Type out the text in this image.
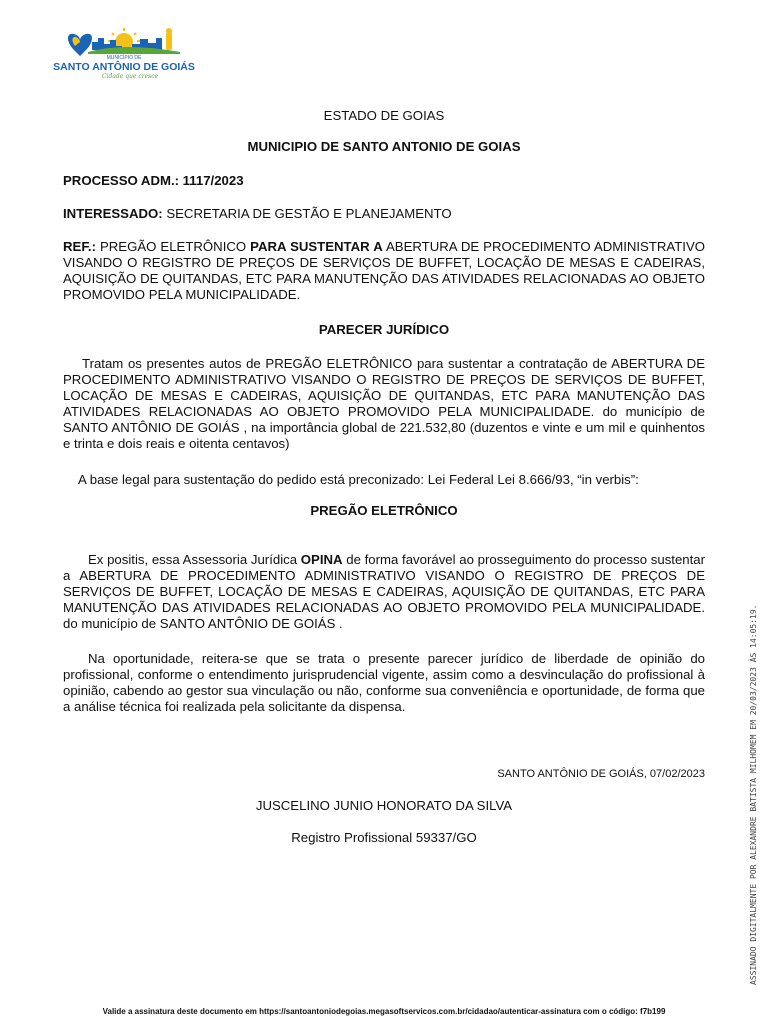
MUNICÍPIO DE
SANTO ANTÔNIO DE GOIÁS
Cidade que cresce
ESTADO DE GOIAS
MUNICIPIO DE SANTO ANTONIO DE GOIAS
PROCESSO ADM.: 1117/2023
INTERESSADO: SECRETARIA DE GESTÃO E PLANEJAMENTO
REF.: PREGÃO ELETRÔNICO PARA SUSTENTAR A ABERTURA DE PROCEDIMENTO ADMINISTRATIVO VISANDO O REGISTRO DE PREÇOS DE SERVIÇOS DE BUFFET, LOCAÇÃO DE MESAS E CADEIRAS, AQUISIÇÃO DE QUITANDAS, ETC PARA MANUTENÇÃO DAS ATIVIDADES RELACIONADAS AO OBJETO PROMOVIDO PELA MUNICIPALIDADE.
PARECER JURÍDICO
Tratam os presentes autos de PREGÃO ELETRÔNICO para sustentar a contratação de ABERTURA DE PROCEDIMENTO ADMINISTRATIVO VISANDO O REGISTRO DE PREÇOS DE SERVIÇOS DE BUFFET, LOCAÇÃO DE MESAS E CADEIRAS, AQUISIÇÃO DE QUITANDAS, ETC PARA MANUTENÇÃO DAS ATIVIDADES RELACIONADAS AO OBJETO PROMOVIDO PELA MUNICIPALIDADE. do município de SANTO ANTÔNIO DE GOIÁS , na importância global de 221.532,80 (duzentos e vinte e um mil e quinhentos e trinta e dois reais e oitenta centavos)
A base legal para sustentação do pedido está preconizado: Lei Federal Lei 8.666/93, “in verbis”:
PREGÃO ELETRÔNICO
Ex positis, essa Assessoria Jurídica OPINA de forma favorável ao prosseguimento do processo sustentar a ABERTURA DE PROCEDIMENTO ADMINISTRATIVO VISANDO O REGISTRO DE PREÇOS DE SERVIÇOS DE BUFFET, LOCAÇÃO DE MESAS E CADEIRAS, AQUISIÇÃO DE QUITANDAS, ETC PARA MANUTENÇÃO DAS ATIVIDADES RELACIONADAS AO OBJETO PROMOVIDO PELA MUNICIPALIDADE. do município de SANTO ANTÔNIO DE GOIÁS .
Na oportunidade, reitera-se que se trata o presente parecer jurídico de liberdade de opinião do profissional, conforme o entendimento jurisprudencial vigente, assim como a desvinculação do profissional à opinião, cabendo ao gestor sua vinculação ou não, conforme sua conveniência e oportunidade, de forma que a análise técnica foi realizada pela solicitante da dispensa.
SANTO ANTÔNIO DE GOIÁS, 07/02/2023
JUSCELINO JUNIO HONORATO DA SILVA
Registro Profissional 59337/GO
Valide a assinatura deste documento em https://santoantoniodegoias.megasoftservicos.com.br/cidadao/autenticar-assinatura com o código: f7b199
ASSINADO DIGITALMENTE POR ALEXANDRE BATISTA MILHOMEM EM 20/03/2023 ÀS 14:05:19.
